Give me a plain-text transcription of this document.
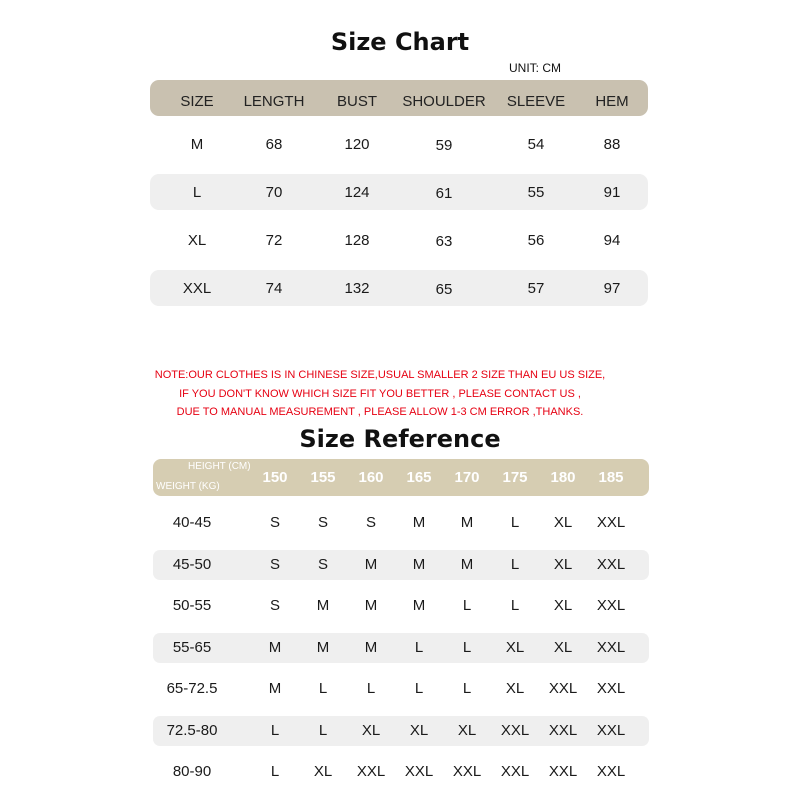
Size Chart
UNIT: CM
SIZE LENGTH BUST SHOULDER SLEEVE HEM
M	68	120	59	54	88
L	70	124	61	55	91
XL	72	128	63	56	94
XXL	74	132	65	57	97
NOTE:OUR CLOTHES IS IN CHINESE SIZE,USUAL SMALLER 2 SIZE THAN EU US SIZE,
IF YOU DON'T KNOW WHICH SIZE FIT YOU BETTER , PLEASE CONTACT US ,
DUE TO MANUAL MEASUREMENT , PLEASE ALLOW 1-3 CM ERROR ,THANKS.
Size Reference
HEIGHT (CM)
WEIGHT (KG)
150 155 160 165 170 175 180 185
40-45	S	S	S M M	L XL XXL
45-50	S	S M M M	L XL XXL
50-55	S M M M	L	L XL XXL
55-65	M M M	L	L XL XL XXL
65-72.5	M	L	L	L	L XL XXL XXL
72.5-80	L	L XL XL XL XXL XXL XXL
80-90	L XL XXL XXL XXL XXL XXL XXL
